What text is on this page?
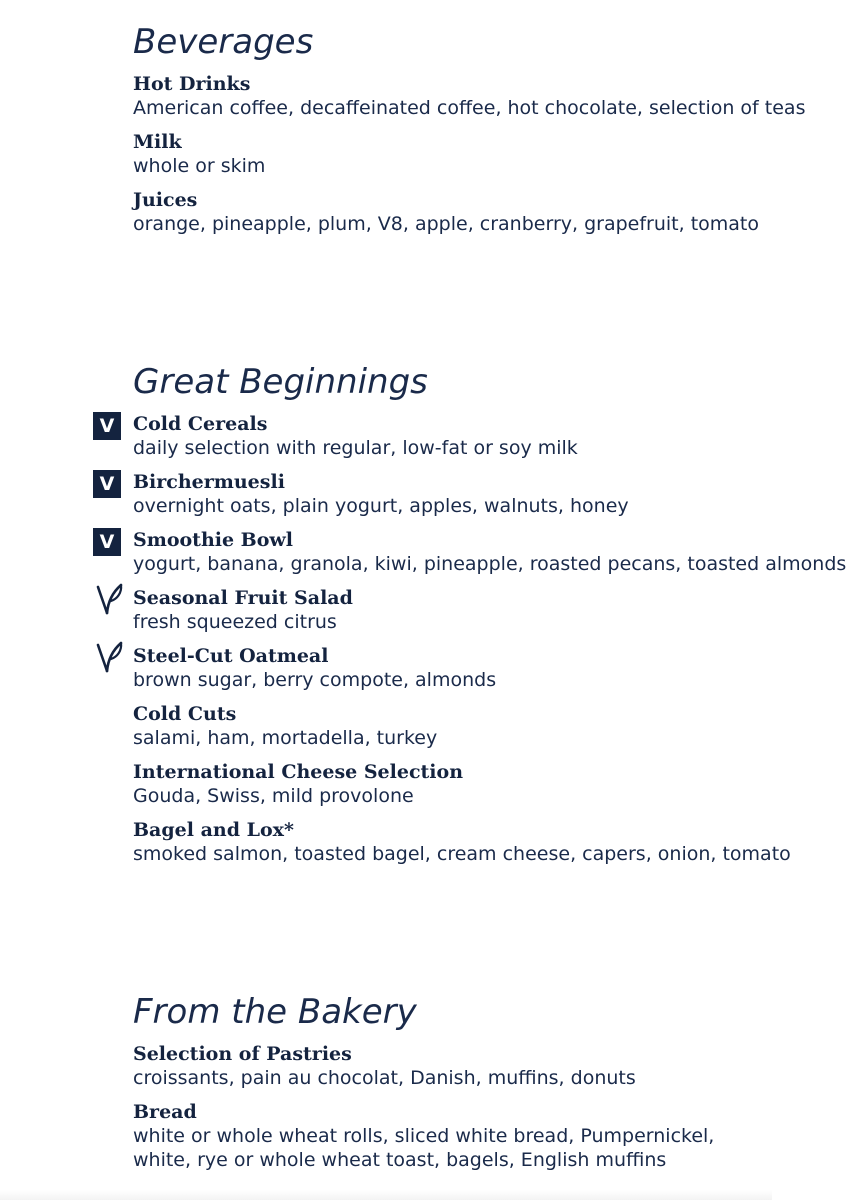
Beverages
Hot Drinks
American coffee, decaffeinated coffee, hot chocolate, selection of teas
Milk
whole or skim
Juices
orange, pineapple, plum, V8, apple, cranberry, grapefruit, tomato
Great Beginnings
V Cold Cereals
daily selection with regular, low-fat or soy milk
V Birchermuesli
overnight oats, plain yogurt, apples, walnuts, honey
V Smoothie Bowl
yogurt, banana, granola, kiwi, pineapple, roasted pecans, toasted almonds
Seasonal Fruit Salad
fresh squeezed citrus
Steel-Cut Oatmeal
brown sugar, berry compote, almonds
Cold Cuts
salami, ham, mortadella, turkey
International Cheese Selection
Gouda, Swiss, mild provolone
Bagel and Lox*
smoked salmon, toasted bagel, cream cheese, capers, onion, tomato
From the Bakery
Selection of Pastries
croissants, pain au chocolat, Danish, muffins, donuts
Bread
white or whole wheat rolls, sliced white bread, Pumpernickel, white, rye or whole wheat toast, bagels, English muffins
